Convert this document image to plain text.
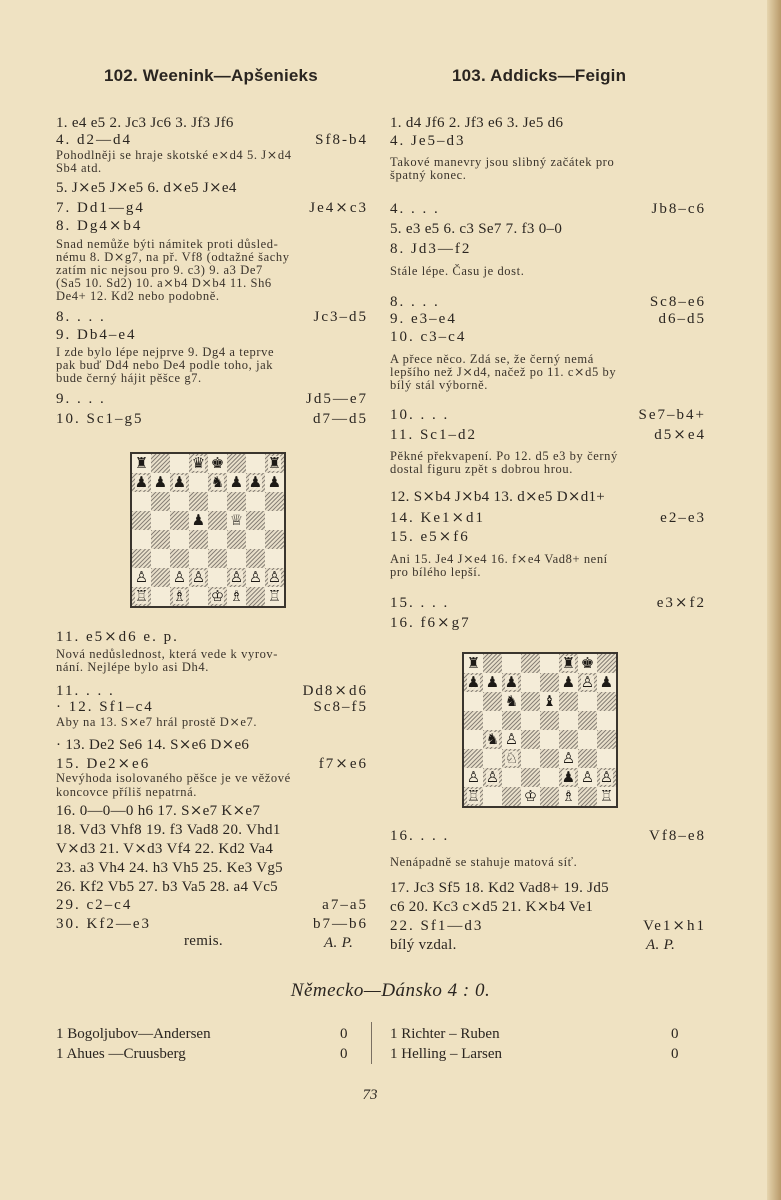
102. Weenink—Apšenieks
1. e4 e5 2. Jc3 Jc6 3. Jf3 Jf6
4. d2—d4	Sf8-b4
Pohodlněji se hraje skotské e⨯d4 5. J⨯d4
Sb4 atd.
5. J⨯e5 J⨯e5 6. d⨯e5 J⨯e4
7. Dd1—g4	Je4⨯c3
8. Dg4⨯b4
Snad nemůže býti námitek proti důsled-
nému 8. D⨯g7, na př. Vf8 (odtažné šachy
zatím nic nejsou pro 9. c3) 9. a3 De7
(Sa5 10. Sd2) 10. a⨯b4 D⨯b4 11. Sh6
De4+ 12. Kd2 nebo podobně.
8. . . .	Jc3–d5
9. Db4–e4
I zde bylo lépe nejprve 9. Dg4 a teprve
pak buď Dd4 nebo De4 podle toho, jak
bude černý hájit pěšce g7.
9. . . .	Jd5—e7
10. Sc1–g5	d7—d5
♜	♛ ♚	♜
♟ ♟ ♟ ♞ ♟ ♟ ♟
♟ ♕
♙ ♙ ♙ ♙ ♙ ♙
♖ ♗ ♔ ♗ ♖
11. e5⨯d6 e. p.
Nová nedůslednost, která vede k vyrov-
nání. Nejlépe bylo asi Dh4.
11. . . .	Dd8⨯d6
· 12. Sf1–c4	Sc8–f5
Aby na 13. S⨯e7 hrál prostě D⨯e7.
· 13. De2 Se6 14. S⨯e6 D⨯e6
15. De2⨯e6	f7⨯e6
Nevýhoda isolovaného pěšce je ve věžové
koncovce příliš nepatrná.
16. 0—0—0 h6 17. S⨯e7 K⨯e7
18. Vd3 Vhf8 19. f3 Vad8 20. Vhd1
V⨯d3 21. V⨯d3 Vf4 22. Kd2 Va4
23. a3 Vh4 24. h3 Vh5 25. Ke3 Vg5
26. Kf2 Vb5 27. b3 Va5 28. a4 Vc5
29. c2–c4	a7–a5
30. Kf2—e3	b7—b6
remis.	A. P.
103. Addicks—Feigin
1. d4 Jf6 2. Jf3 e6 3. Je5 d6
4. Je5–d3
Takové manevry jsou slibný začátek pro
špatný konec.
4. . . .	Jb8–c6
5. e3 e5 6. c3 Se7 7. f3 0–0
8. Jd3—f2
Stále lépe. Času je dost.
8. . . .	Sc8–e6
9. e3–e4	d6–d5
10. c3–c4
A přece něco. Zdá se, že černý nemá
lepšího než J⨯d4, načež po 11. c⨯d5 by
bílý stál výborně.
10. . . .	Se7–b4+
11. Sc1–d2	d5⨯e4
Pěkné překvapení. Po 12. d5 e3 by černý
dostal figuru zpět s dobrou hrou.
12. S⨯b4 J⨯b4 13. d⨯e5 D⨯d1+
14. Ke1⨯d1	e2–e3
15. e5⨯f6
Ani 15. Je4 J⨯e4 16. f⨯e4 Vad8+ není
pro bílého lepší.
15. . . .	e3⨯f2
16. f6⨯g7
♜	♜ ♚
♟ ♟ ♟	♟ ♙ ♟
♞ ♝
♞ ♙
♘	♙
♙ ♙	♟ ♙ ♙
♖	♔ ♗ ♖
16. . . .	Vf8–e8
Nenápadně se stahuje matová síť.
17. Jc3 Sf5 18. Kd2 Vad8+ 19. Jd5
c6 20. Kc3 c⨯d5 21. K⨯b4 Ve1
22. Sf1—d3	Ve1⨯h1
bílý vzdal.	A. P.
Německo—Dánsko 4 : 0.
1 Bogoljubov—Andersen	0
1 Ahues —Cruusberg	0
1 Richter – Ruben	0
1 Helling – Larsen	0
73
